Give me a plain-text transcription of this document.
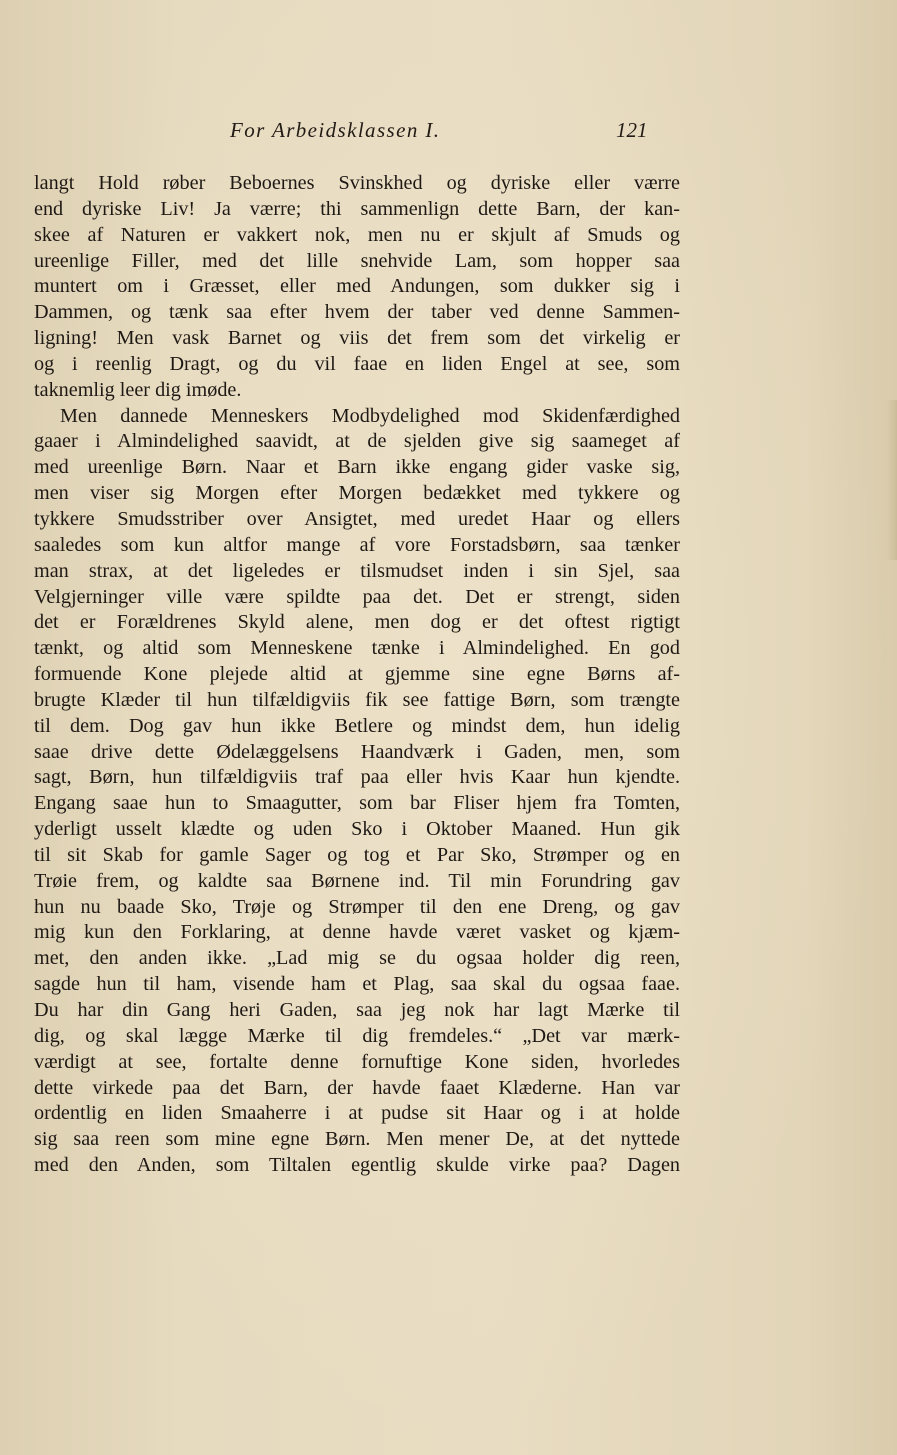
For Arbeidsklassen I.	121
langt Hold røber Beboernes Svinskhed og dyriske eller værre
end dyriske Liv! Ja værre; thi sammenlign dette Barn, der kan-
skee af Naturen er vakkert nok, men nu er skjult af Smuds og
ureenlige Filler, med det lille snehvide Lam, som hopper saa
muntert om i Græsset, eller med Andungen, som dukker sig i
Dammen, og tænk saa efter hvem der taber ved denne Sammen-
ligning! Men vask Barnet og viis det frem som det virkelig er
og i reenlig Dragt, og du vil faae en liden Engel at see, som
taknemlig leer dig imøde.
Men dannede Menneskers Modbydelighed mod Skidenfærdighed
gaaer i Almindelighed saavidt, at de sjelden give sig saameget af
med ureenlige Børn. Naar et Barn ikke engang gider vaske sig,
men viser sig Morgen efter Morgen bedækket med tykkere og
tykkere Smudsstriber over Ansigtet, med uredet Haar og ellers
saaledes som kun altfor mange af vore Forstadsbørn, saa tænker
man strax, at det ligeledes er tilsmudset inden i sin Sjel, saa
Velgjerninger ville være spildte paa det. Det er strengt, siden
det er Forældrenes Skyld alene, men dog er det oftest rigtigt
tænkt, og altid som Menneskene tænke i Almindelighed. En god
formuende Kone plejede altid at gjemme sine egne Børns af-
brugte Klæder til hun tilfældigviis fik see fattige Børn, som trængte
til dem. Dog gav hun ikke Betlere og mindst dem, hun idelig
saae drive dette Ødelæggelsens Haandværk i Gaden, men, som
sagt, Børn, hun tilfældigviis traf paa eller hvis Kaar hun kjendte.
Engang saae hun to Smaagutter, som bar Fliser hjem fra Tomten,
yderligt usselt klædte og uden Sko i Oktober Maaned. Hun gik
til sit Skab for gamle Sager og tog et Par Sko, Strømper og en
Trøie frem, og kaldte saa Børnene ind. Til min Forundring gav
hun nu baade Sko, Trøje og Strømper til den ene Dreng, og gav
mig kun den Forklaring, at denne havde været vasket og kjæm-
met, den anden ikke. „Lad mig se du ogsaa holder dig reen,
sagde hun til ham, visende ham et Plag, saa skal du ogsaa faae.
Du har din Gang heri Gaden, saa jeg nok har lagt Mærke til
dig, og skal lægge Mærke til dig fremdeles.“ „Det var mærk-
værdigt at see, fortalte denne fornuftige Kone siden, hvorledes
dette virkede paa det Barn, der havde faaet Klæderne. Han var
ordentlig en liden Smaaherre i at pudse sit Haar og i at holde
sig saa reen som mine egne Børn. Men mener De, at det nyttede
med den Anden, som Tiltalen egentlig skulde virke paa? Dagen
